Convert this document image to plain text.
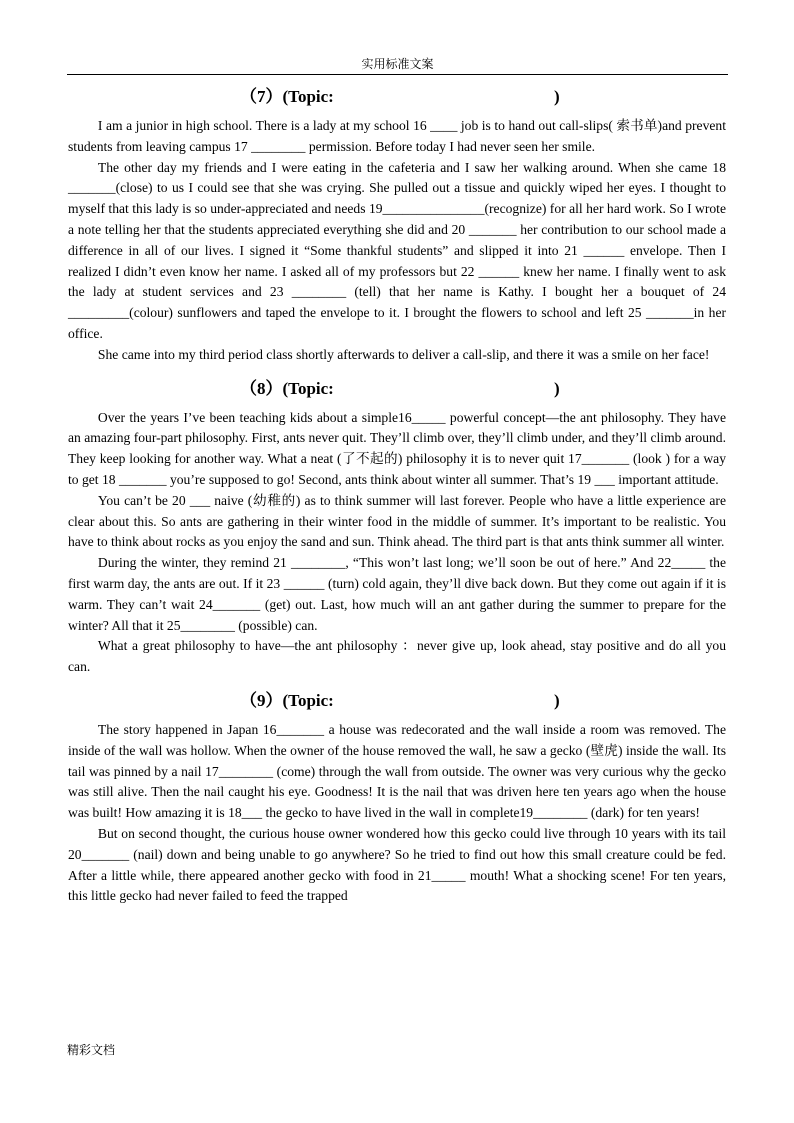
实用标准文案
（7）(Topic:	)

I am a junior in high school. There is a lady at my school 16 ____ job is to hand out call-slips( 索书单)and prevent students from leaving campus 17 ________ permission. Before today I had never seen her smile.

The other day my friends and I were eating in the cafeteria and I saw her walking around. When she came 18 _______(close) to us I could see that she was crying. She pulled out a tissue and quickly wiped her eyes. I thought to myself that this lady is so under-appreciated and needs 19_______________(recognize) for all her hard work. So I wrote a note telling her that the students appreciated everything she did and 20 _______ her contribution to our school made a difference in all of our lives. I signed it “Some thankful students” and slipped it into 21 ______ envelope. Then I realized I didn’t even know her name. I asked all of my professors but 22 ______ knew her name. I finally went to ask the lady at student services and 23 ________ (tell) that her name is Kathy. I bought her a bouquet of 24 _________(colour) sunflowers and taped the envelope to it. I brought the flowers to school and left 25 _______in her office.

She came into my third period class shortly afterwards to deliver a call-slip, and there it was a smile on her face!

（8）(Topic:	)

Over the years I’ve been teaching kids about a simple16_____ powerful concept—the ant philosophy. They have an amazing four-part philosophy. First, ants never quit. They’ll climb over, they’ll climb under, and they’ll climb around. They keep looking for another way. What a neat (了不起的) philosophy it is to never quit 17_______ (look ) for a way to get 18 _______ you’re supposed to go! Second, ants think about winter all summer. That’s 19 ___ important attitude.

You can’t be 20 ___ naive (幼稚的) as to think summer will last forever. People who have a little experience are clear about this. So ants are gathering in their winter food in the middle of summer. It’s important to be realistic. You have to think about rocks as you enjoy the sand and sun. Think ahead. The third part is that ants think summer all winter.

During the winter, they remind 21 ________, “This won’t last long; we’ll soon be out of here.” And 22_____ the first warm day, the ants are out. If it 23 ______ (turn) cold again, they’ll dive back down. But they come out again if it is warm. They can’t wait 24_______ (get) out. Last, how much will an ant gather during the summer to prepare for the winter? All that it 25________ (possible) can.

What a great philosophy to have—the ant philosophy ：never give up, look ahead, stay positive and do all you can.

（9）(Topic:	)

The story happened in Japan 16_______ a house was redecorated and the wall inside a room was removed. The inside of the wall was hollow. When the owner of the house removed the wall, he saw a gecko (壁虎) inside the wall. Its tail was pinned by a nail 17________ (come) through the wall from outside. The owner was very curious why the gecko was still alive. Then the nail caught his eye. Goodness! It is the nail that was driven here ten years ago when the house was built! How amazing it is 18___ the gecko to have lived in the wall in complete19________ (dark) for ten years!

But on second thought, the curious house owner wondered how this gecko could live through 10 years with its tail 20_______ (nail) down and being unable to go anywhere? So he tried to find out how this small creature could be fed. After a little while, there appeared another gecko with food in 21_____ mouth! What a shocking scene! For ten years, this little gecko had never failed to feed the trapped

精彩文档
